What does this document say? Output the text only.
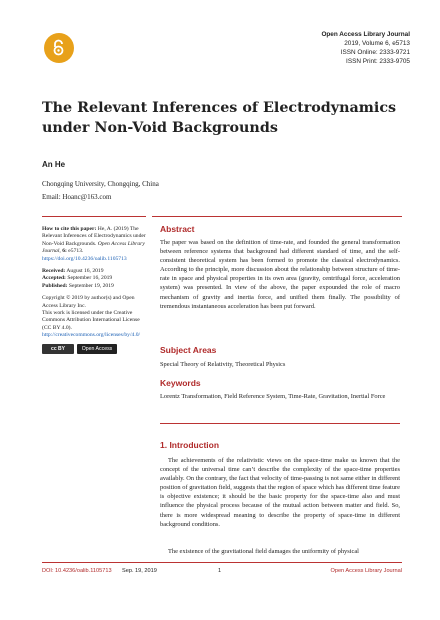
Open Access Library Journal
2019, Volume 6, e5713
ISSN Online: 2333-9721
ISSN Print: 2333-9705
The Relevant Inferences of Electrodynamics
under Non-Void Backgrounds
An He
Chongqing University, Chongqing, China
Email: Hoanc@163.com
How to cite this paper: He, A. (2019) The Relevant Inferences of Electrodynamics under Non-Void Backgrounds. Open Access Library Journal, 6: e5713.
https://doi.org/10.4236/oalib.1105713
Received: August 16, 2019
Accepted: September 16, 2019
Published: September 19, 2019
Copyright © 2019 by author(s) and Open Access Library Inc.
This work is licensed under the Creative Commons Attribution International License (CC BY 4.0).
http://creativecommons.org/licenses/by/4.0/
cc BY	Open Access
Abstract
The paper was based on the definition of time-rate, and founded the general transformation between reference systems that background had different standard of time, and the self-consistent theoretical system has been formed to promote the classical electrodynamics. According to the principle, more discussion about the relationship between structure of time-rate in space and physical properties in its own area (gravity, centrifugal force, acceleration system) was presented. In view of the above, the paper expounded the role of macro mechanism of gravity and inertia force, and unified them finally. The possibility of tremendous instantaneous acceleration has been put forward.
Subject Areas
Special Theory of Relativity, Theoretical Physics
Keywords
Lorentz Transformation, Field Reference System, Time-Rate, Gravitation, Inertial Force
1. Introduction
The achievements of the relativistic views on the space-time make us known that the concept of the universal time can’t describe the complexity of the space-time properties availably. On the contrary, the fact that velocity of time-passing is not same either in different position of gravitation field, suggests that the region of space which has different time feature is objective existence; it should be the basic property for the space-time also and must influence the physical process because of the mutual action between matter and field. So, there is more widespread meaning to describe the property of space-time in different background conditions.
The existence of the gravitational field damages the uniformity of physical
DOI: 10.4236/oalib.1105713 Sep. 19, 2019	1	Open Access Library Journal
